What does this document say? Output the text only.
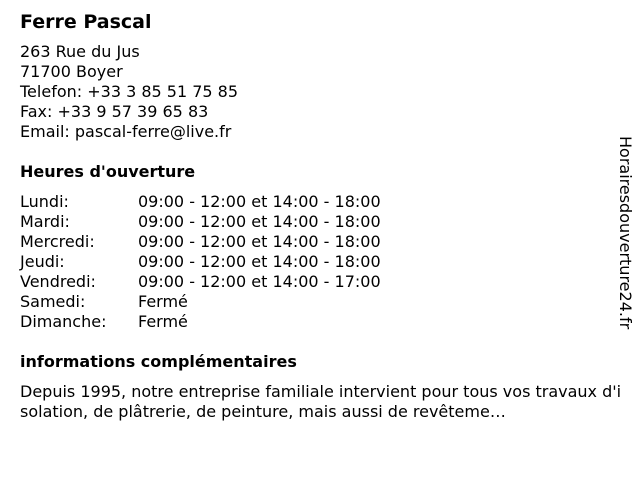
Ferre Pascal
263 Rue du Jus
71700 Boyer
Telefon: +33 3 85 51 75 85
Fax: +33 9 57 39 65 83
Email: pascal-ferre@live.fr
Heures d'ouverture
Lundi:	09:00 - 12:00 et 14:00 - 18:00
Mardi:	09:00 - 12:00 et 14:00 - 18:00
Mercredi:	09:00 - 12:00 et 14:00 - 18:00
Jeudi:	09:00 - 12:00 et 14:00 - 18:00
Vendredi:	09:00 - 12:00 et 14:00 - 17:00
Samedi:	Fermé
Dimanche:	Fermé
informations complémentaires
Depuis 1995, notre entreprise familiale intervient pour tous vos travaux d'isolation, de plâtrerie, de peinture, mais aussi de revêteme…
Horairesdouverture24.fr
